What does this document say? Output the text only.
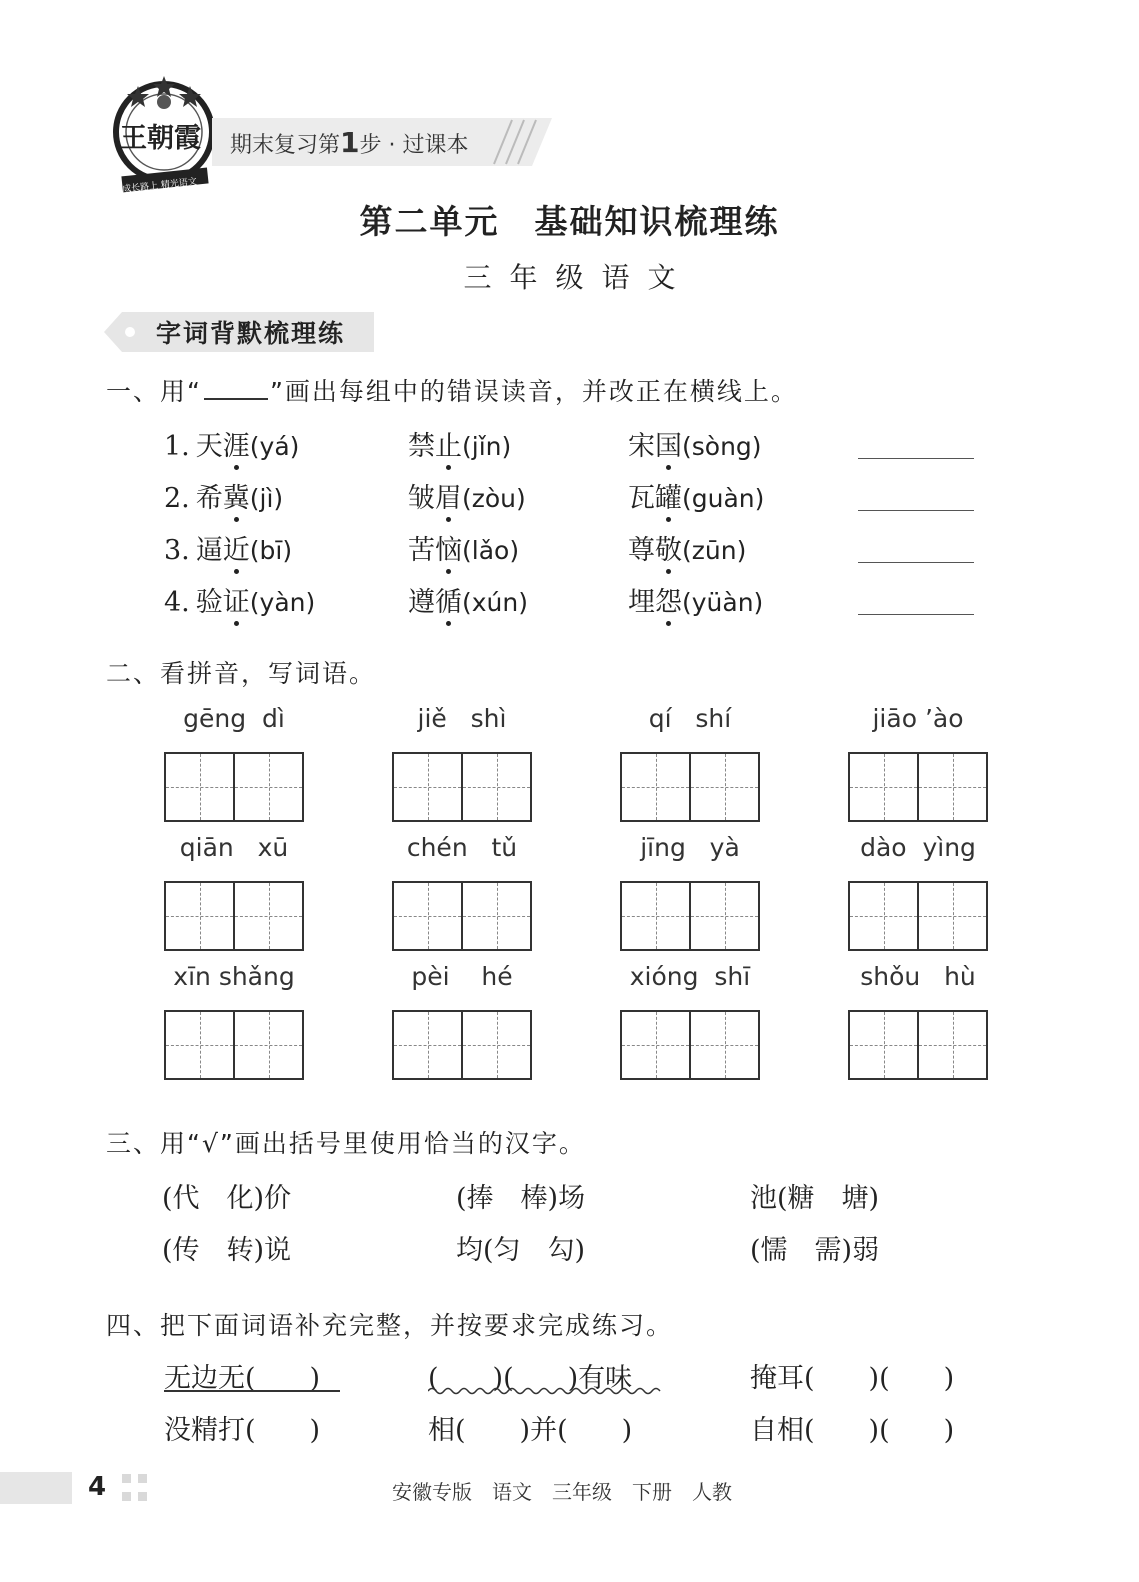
王朝霞
成长路上 精光语文
期末复习第1步 · 过课本
第二单元　基础知识梳理练
三年级语文
字词背默梳理练
一、用“	”画出每组中的错误读音，并改正在横线上。
1. 天涯(yá)	禁止(jǐn)	宋国(sòng)
2. 希冀(jì)	皱眉(zòu)	瓦罐(guàn)
3. 逼近(bī)	苦恼(lǎo)	尊敬(zūn)
4. 验证(yàn)	遵循(xún)	埋怨(yüàn)
二、看拼音，写词语。
gēng  dì	jiě   shì	qí   shí	jiāo ’ào
qiān   xū	chén   tǔ	jīng   yà	dào  yìng
xīn shǎng	pèi    hé	xióng  shī	shǒu   hù
三、用“√”画出括号里使用恰当的汉字。
(代　化)价	(捧　棒)场	池(糖　塘)
(传　转)说	均(匀　勾)	(懦　需)弱
四、把下面词语补充完整，并按要求完成练习。
无边无(　　)	(　　)(　　)有味	掩耳(　　)(　　)
没精打(　　)	相(　　)并(　　)	自相(　　)(　　)
4	安徽专版 语文 三年级 下册 人教
